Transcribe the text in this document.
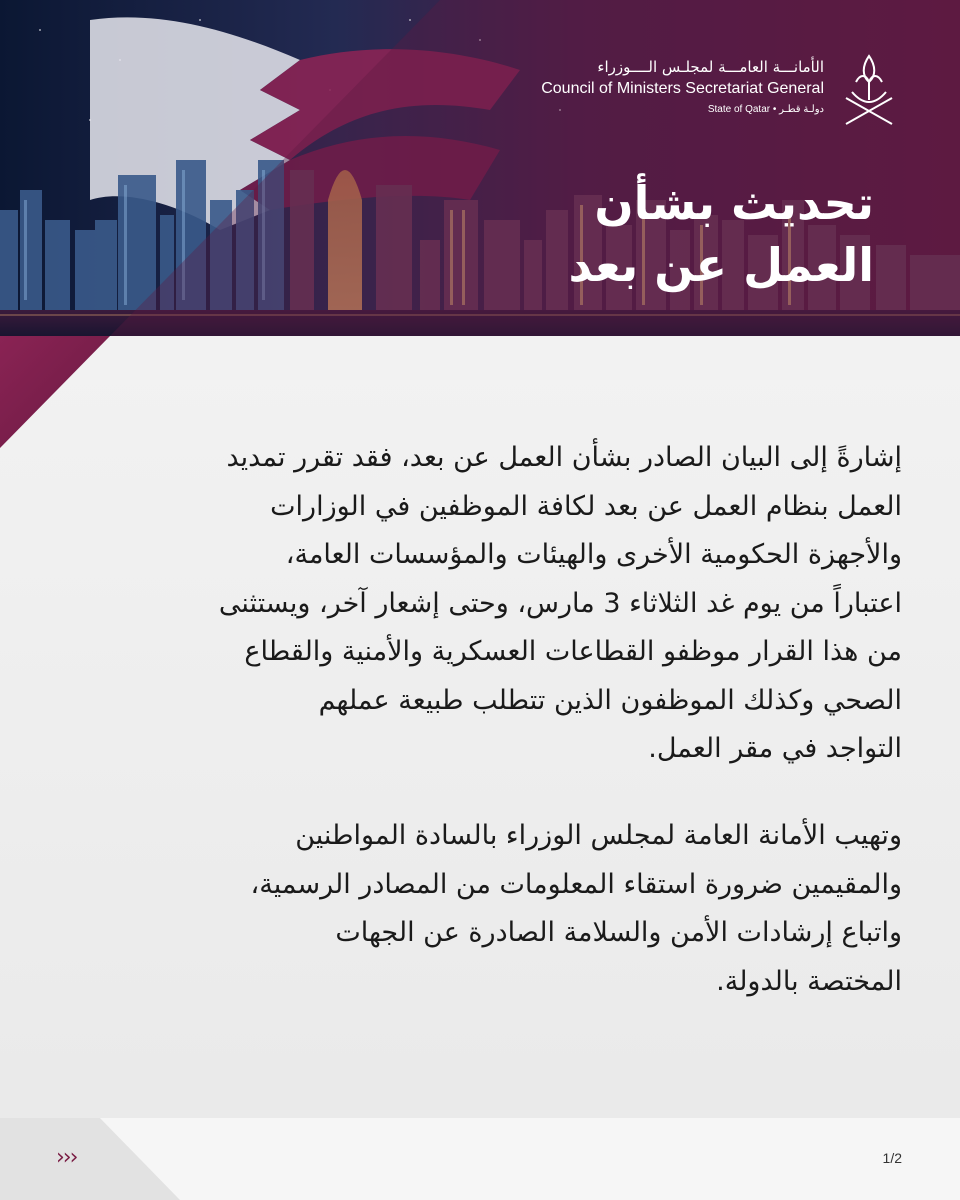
الأمانـــة العامـــة لمجلـس الــــوزراء
Council of Ministers Secretariat General
State of Qatar • دولـة قطـر
تحديث بشأن
العمل عن بعد
إشارةً إلى البيان الصادر بشأن العمل عن بعد، فقد تقرر تمديد
العمل بنظام العمل عن بعد لكافة الموظفين في الوزارات
والأجهزة الحكومية الأخرى والهيئات والمؤسسات العامة،
اعتباراً من يوم غد الثلاثاء 3 مارس، وحتى إشعار آخر، ويستثنى
من هذا القرار موظفو القطاعات العسكرية والأمنية والقطاع
الصحي وكذلك الموظفون الذين تتطلب طبيعة عملهم
التواجد في مقر العمل.
وتهيب الأمانة العامة لمجلس الوزراء بالسادة المواطنين
والمقيمين ضرورة استقاء المعلومات من المصادر الرسمية،
واتباع إرشادات الأمن والسلامة الصادرة عن الجهات
المختصة بالدولة.
›››	1/2
